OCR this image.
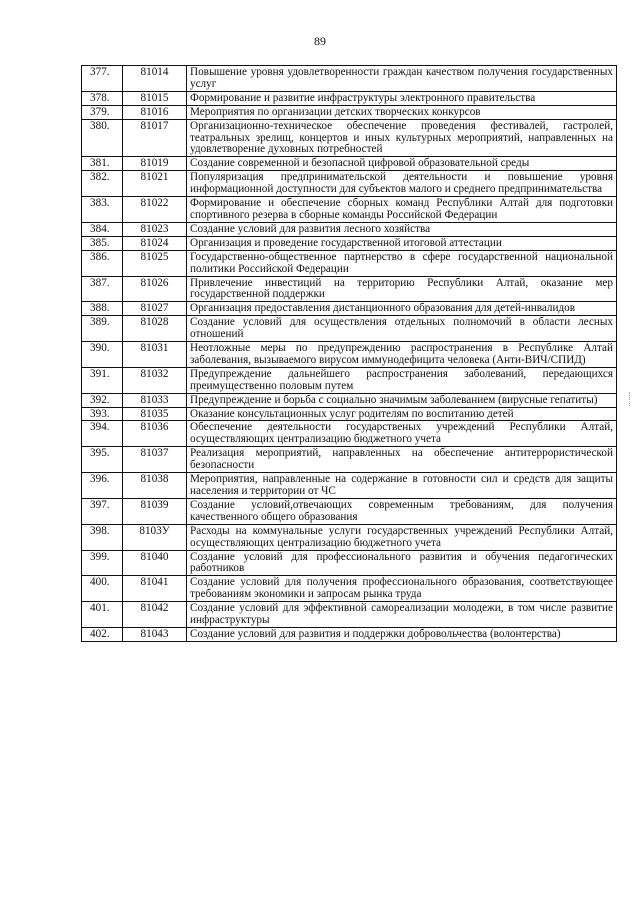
89
377.	81014	Повышение уровня удовлетворенности граждан качеством получения государственных услуг
378.	81015	Формирование и развитие инфраструктуры электронного правительства
379.	81016	Мероприятия по организации детских творческих конкурсов
380.	81017	Организационно-техническое обеспечение проведения фестивалей, гастролей, театральных зрелищ, концертов и иных культурных мероприятий, направленных на удовлетворение духовных потребностей
381.	81019	Создание современной и безопасной цифровой образовательной среды
382.	81021	Популяризация предпринимательской деятельности и повышение уровня информационной доступности для субъектов малого и среднего предпринимательства
383.	81022	Формирование и обеспечение сборных команд Республики Алтай для подготовки спортивного резерва в сборные команды Российской Федерации
384.	81023	Создание условий для развития лесного хозяйства
385.	81024	Организация и проведение государственной итоговой аттестации
386.	81025	Государственно-общественное партнерство в сфере государственной национальной политики Российской Федерации
387.	81026	Привлечение инвестиций на территорию Республики Алтай, оказание мер государственной поддержки
388.	81027	Организация предоставления дистанционного образования для детей-инвалидов
389.	81028	Создание условий для осуществления отдельных полномочий в области лесных отношений
390.	81031	Неотложные меры по предупреждению распространения в Республике Алтай заболевания, вызываемого вирусом иммунодефицита человека (Анти-ВИЧ/СПИД)
391.	81032	Предупреждение дальнейшего распространения заболеваний, передающихся преимущественно половым путем
392.	81033	Предупреждение и борьба с социально значимым заболеванием (вирусные гепатиты)
393.	81035	Оказание консультационных услуг родителям по воспитанию детей
394.	81036	Обеспечение деятельности государственых учреждений Республики Алтай, осуществляющих централизацию бюджетного учета
395.	81037	Реализация мероприятий, направленных на обеспечение антитеррористической безопасности
396.	81038	Мероприятия, направленные на содержание в готовности сил и средств для защиты населения и территории от ЧС
397.	81039	Создание условий,отвечающих современным требованиям, для получения качественного общего образования
398.	8103У	Расходы на коммунальные услуги государственных учреждений Республики Алтай, осуществляющих централизацию бюджетного учета
399.	81040	Создание условий для профессионального развития и обучения педагогических работников
400.	81041	Создание условий для получения профессионального образования, соответствующее требованиям экономики и запросам рынка труда
401.	81042	Создание условий для эффективной самореализации молодежи, в том числе развитие инфраструктуры
402.	81043	Создание условий для развития и поддержки добровольчества (волонтерства)
